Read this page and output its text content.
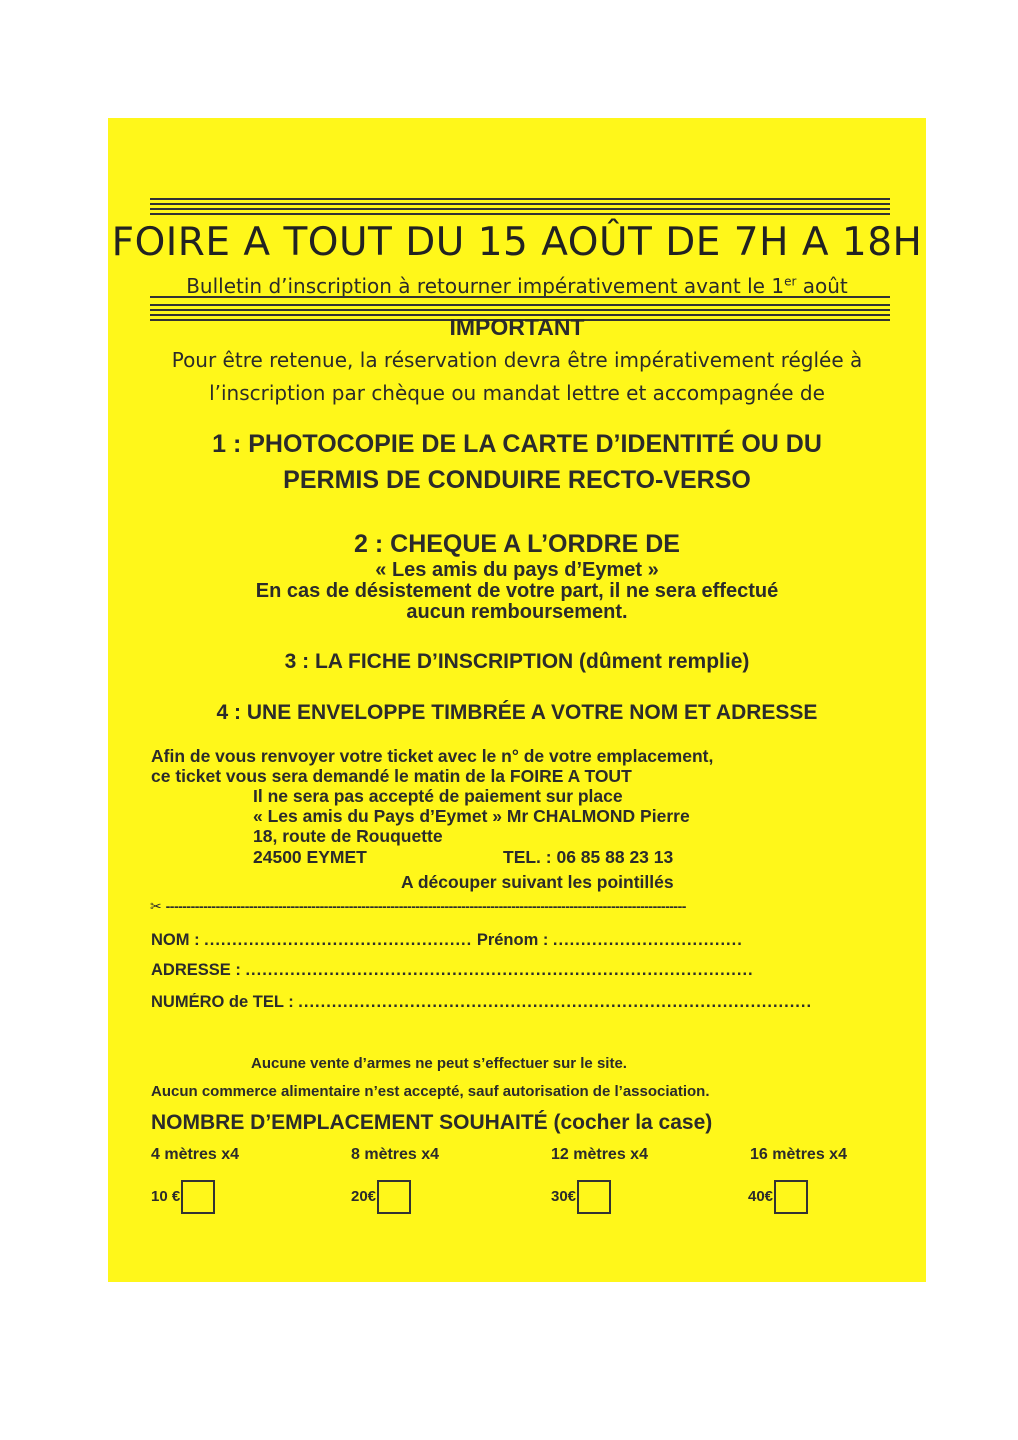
FOIRE A TOUT DU 15 AOÛT DE 7H A 18H
Bulletin d’inscription à retourner impérativement avant le 1er août
IMPORTANT
Pour être retenue, la réservation devra être impérativement réglée à
l’inscription par chèque ou mandat lettre et accompagnée de
1 : PHOTOCOPIE DE LA CARTE D’IDENTITÉ OU DU
PERMIS DE CONDUIRE RECTO-VERSO
2 : CHEQUE A L’ORDRE DE
« Les amis du pays d’Eymet »
En cas de désistement de votre part, il ne sera effectué
aucun remboursement.
3 : LA FICHE D’INSCRIPTION (dûment remplie)
4 : UNE ENVELOPPE TIMBRÉE A VOTRE NOM ET ADRESSE
Afin de vous renvoyer votre ticket avec le n° de votre emplacement,
ce ticket vous sera demandé le matin de la FOIRE A TOUT
Il ne sera pas accepté de paiement sur place
« Les amis du Pays d’Eymet » Mr CHALMOND Pierre
18, route de Rouquette
24500 EYMET	TEL. : 06 85 88 23 13
A découper suivant les pointillés
✂ -----------------------------------------------------------------------------------------------------------------------------
NOM : ................................................ Prénom : ..................................
ADRESSE : ...........................................................................................
NUMÉRO de TEL : ............................................................................................
Aucune vente d’armes ne peut s’effectuer sur le site.
Aucun commerce alimentaire n’est accepté, sauf autorisation de l’association.
NOMBRE D’EMPLACEMENT SOUHAITÉ (cocher la case)
4 mètres x4	8 mètres x4	12 mètres x4	16 mètres x4
10 €	20€	30€	40€
